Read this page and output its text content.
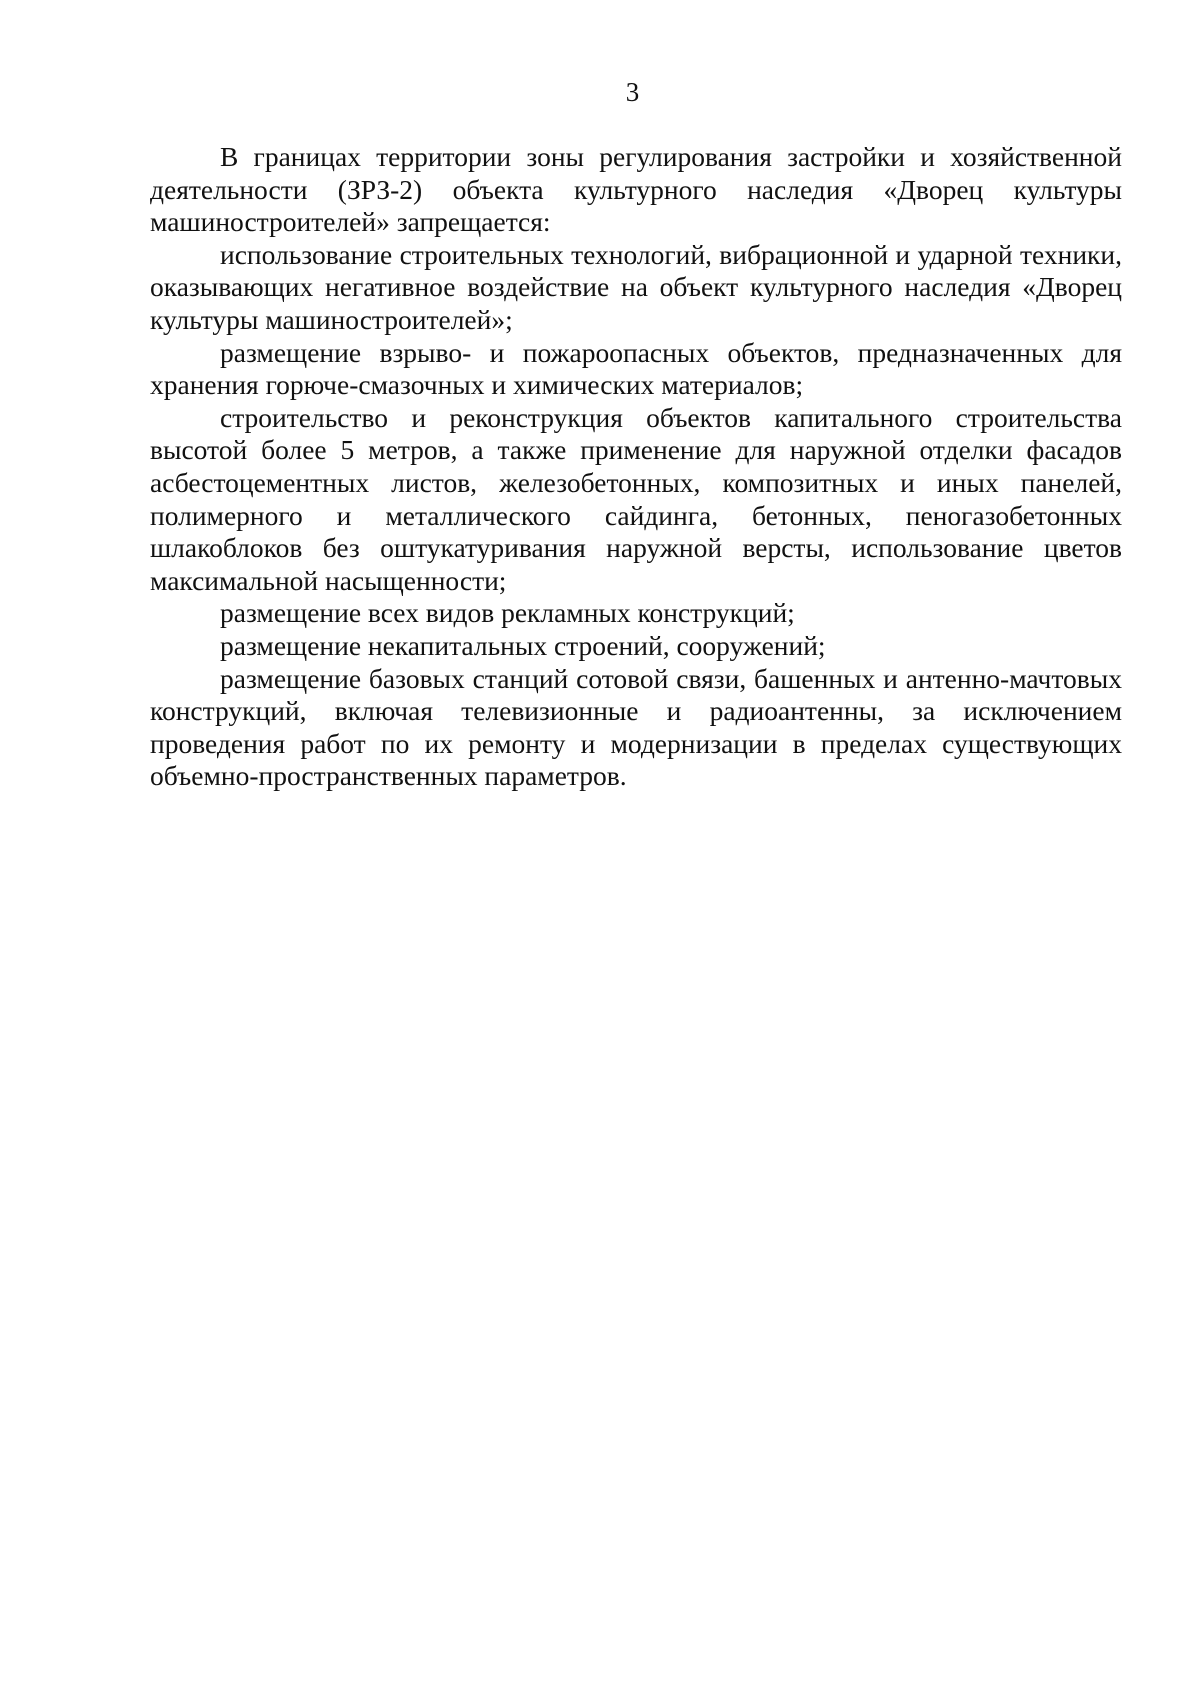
3

В границах территории зоны регулирования застройки и хозяйственной деятельности (ЗРЗ-2) объекта культурного наследия «Дворец культуры машиностроителей» запрещается:

использование строительных технологий, вибрационной и ударной техники, оказывающих негативное воздействие на объект культурного наследия «Дворец культуры машиностроителей»;

размещение взрыво- и пожароопасных объектов, предназначенных для хранения горюче-смазочных и химических материалов;

строительство и реконструкция объектов капитального строительства высотой более 5 метров, а также применение для наружной отделки фасадов асбестоцементных листов, железобетонных, композитных и иных панелей, полимерного и металлического сайдинга, бетонных, пеногазобетонных шлакоблоков без оштукатуривания наружной версты, использование цветов максимальной насыщенности;

размещение всех видов рекламных конструкций;

размещение некапитальных строений, сооружений;

размещение базовых станций сотовой связи, башенных и антенно-мачтовых конструкций, включая телевизионные и радиоантенны, за исключением проведения работ по их ремонту и модернизации в пределах существующих объемно-пространственных параметров.
